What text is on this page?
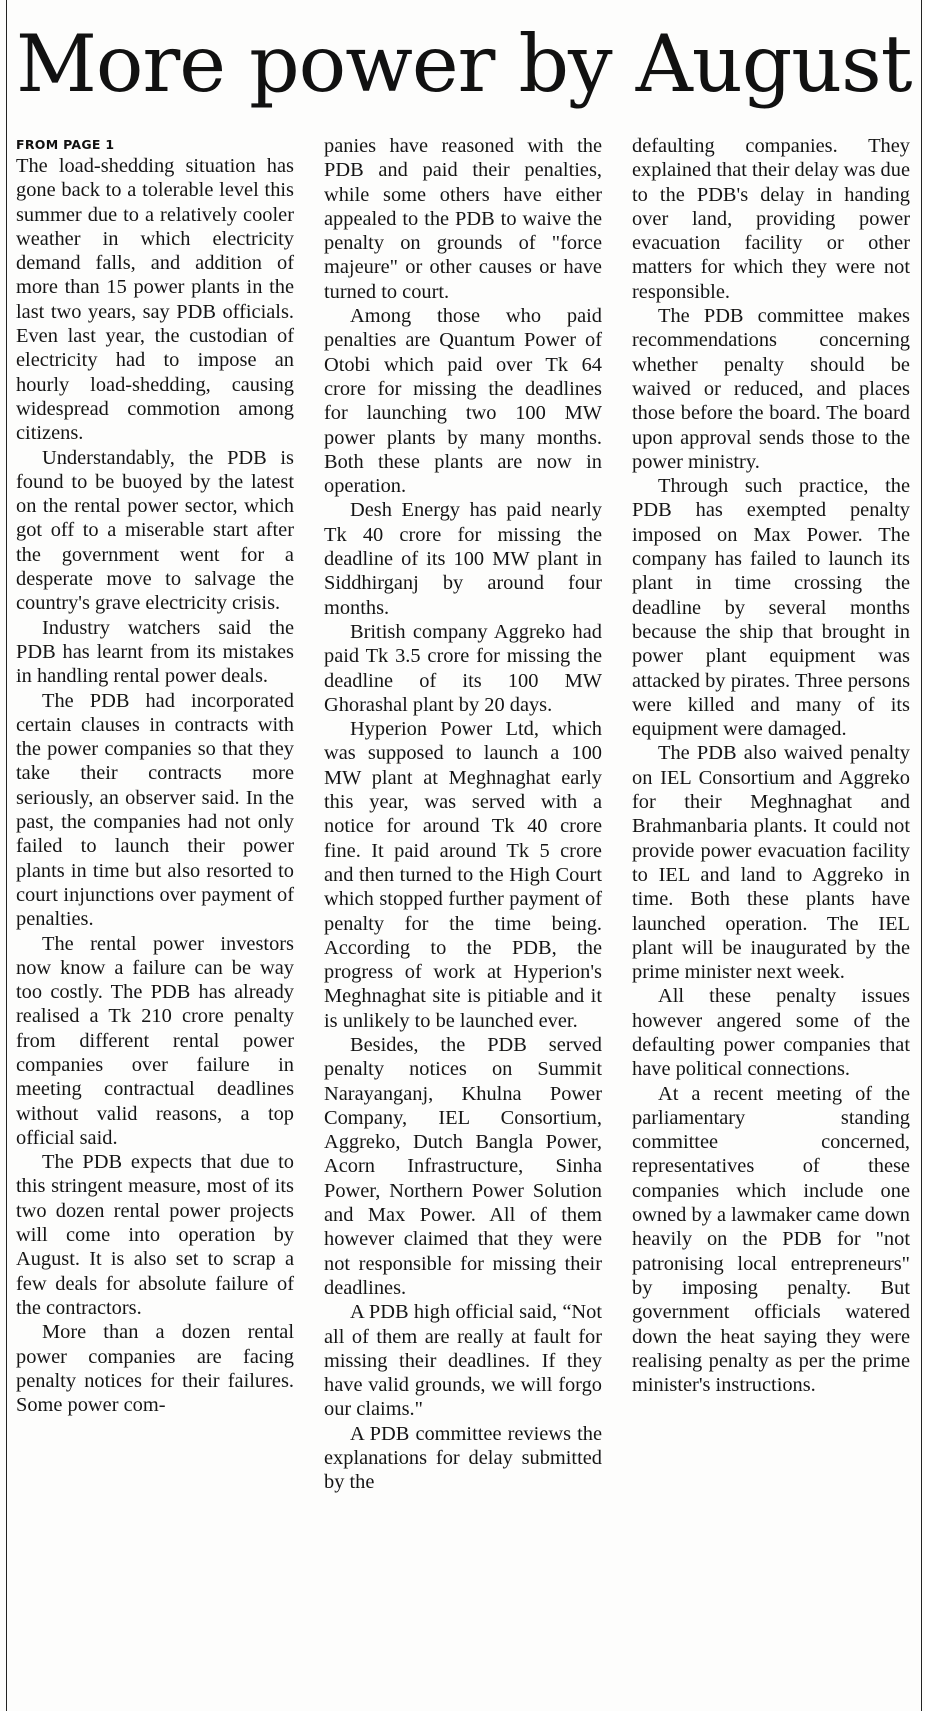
More power by August
FROM PAGE 1

The load-shedding situation has gone back to a tolerable level this summer due to a relatively cooler weather in which electricity demand falls, and addition of more than 15 power plants in the last two years, say PDB officials. Even last year, the custodian of electricity had to impose an hourly load-shedding, causing widespread commotion among citizens.

Understandably, the PDB is found to be buoyed by the latest on the rental power sector, which got off to a miserable start after the government went for a desperate move to salvage the country's grave electricity crisis.

Industry watchers said the PDB has learnt from its mistakes in handling rental power deals.

The PDB had incorporated certain clauses in contracts with the power companies so that they take their contracts more seriously, an observer said. In the past, the companies had not only failed to launch their power plants in time but also resorted to court injunctions over payment of penalties.

The rental power investors now know a failure can be way too costly. The PDB has already realised a Tk 210 crore penalty from different rental power companies over failure in meeting contractual deadlines without valid reasons, a top official said.

The PDB expects that due to this stringent measure, most of its two dozen rental power projects will come into operation by August. It is also set to scrap a few deals for absolute failure of the contractors.

More than a dozen rental power companies are facing penalty notices for their failures. Some power com-

panies have reasoned with the PDB and paid their penalties, while some others have either appealed to the PDB to waive the penalty on grounds of "force majeure" or other causes or have turned to court.

Among those who paid penalties are Quantum Power of Otobi which paid over Tk 64 crore for missing the deadlines for launching two 100 MW power plants by many months. Both these plants are now in operation.

Desh Energy has paid nearly Tk 40 crore for missing the deadline of its 100 MW plant in Siddhirganj by around four months.

British company Aggreko had paid Tk 3.5 crore for missing the deadline of its 100 MW Ghorashal plant by 20 days.

Hyperion Power Ltd, which was supposed to launch a 100 MW plant at Meghnaghat early this year, was served with a notice for around Tk 40 crore fine. It paid around Tk 5 crore and then turned to the High Court which stopped further payment of penalty for the time being. According to the PDB, the progress of work at Hyperion's Meghnaghat site is pitiable and it is unlikely to be launched ever.

Besides, the PDB served penalty notices on Summit Narayanganj, Khulna Power Company, IEL Consortium, Aggreko, Dutch Bangla Power, Acorn Infrastructure, Sinha Power, Northern Power Solution and Max Power. All of them however claimed that they were not responsible for missing their deadlines.

A PDB high official said, “Not all of them are really at fault for missing their deadlines. If they have valid grounds, we will forgo our claims."

A PDB committee reviews the explanations for delay submitted by the

defaulting companies. They explained that their delay was due to the PDB's delay in handing over land, providing power evacuation facility or other matters for which they were not responsible.

The PDB committee makes recommendations concerning whether penalty should be waived or reduced, and places those before the board. The board upon approval sends those to the power ministry.

Through such practice, the PDB has exempted penalty imposed on Max Power. The company has failed to launch its plant in time crossing the deadline by several months because the ship that brought in power plant equipment was attacked by pirates. Three persons were killed and many of its equipment were damaged.

The PDB also waived penalty on IEL Consortium and Aggreko for their Meghnaghat and Brahmanbaria plants. It could not provide power evacuation facility to IEL and land to Aggreko in time. Both these plants have launched operation. The IEL plant will be inaugurated by the prime minister next week.

All these penalty issues however angered some of the defaulting power companies that have political connections.

At a recent meeting of the parliamentary standing committee concerned, representatives of these companies which include one owned by a lawmaker came down heavily on the PDB for "not patronising local entrepreneurs" by imposing penalty. But government officials watered down the heat saying they were realising penalty as per the prime minister's instructions.
